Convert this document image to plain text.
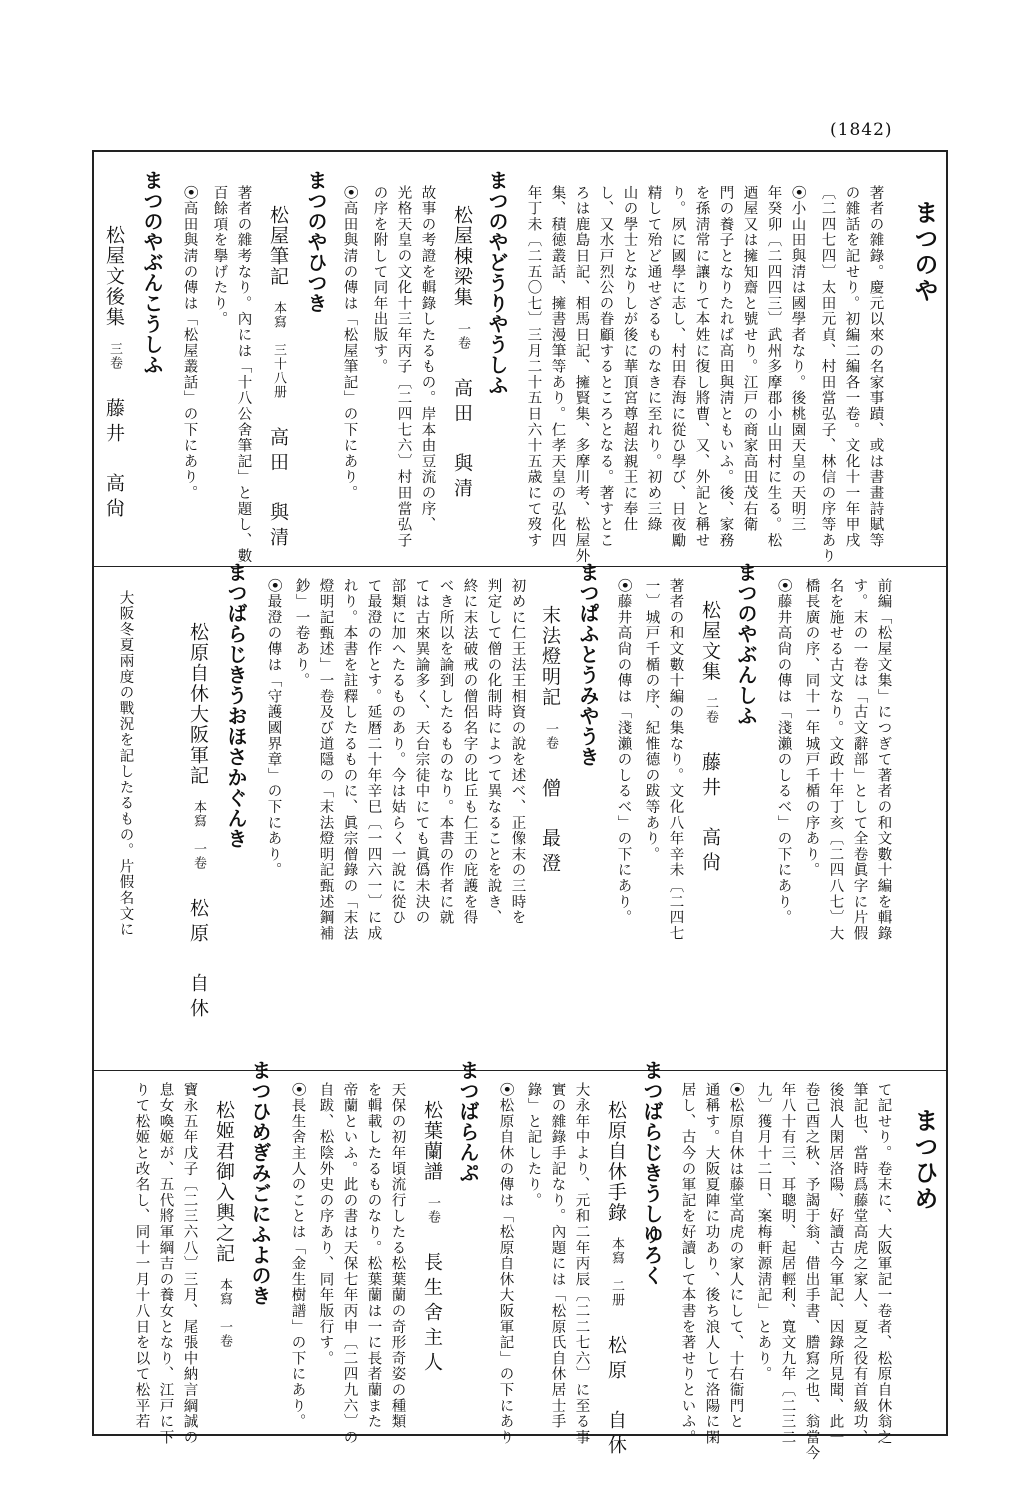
(1842)
まつのや
まつひめ
著者の雜錄。慶元以來の名家事蹟、或は書畫詩賦等
の雜話を記せり。初編二編各一卷。文化十一年甲戌
〔二四七四〕太田元貞、村田當弘子、林信の序等あり
⦿小山田與清は國學者なり。後桃園天皇の天明三
年癸卯〔二四四三〕武州多摩郡小山田村に生る。松
迺屋又は擁知齋と號せり。江戸の商家高田茂右衛
門の養子となりたれば高田與淸ともいふ。後、家務
を孫淸常に讓りて本姓に復し將曹、又、外記と稱せ
り。夙に國學に志し、村田春海に從ひ學び、日夜勵
精して殆ど通せざるものなきに至れり。初め三綠
山の學士となりしが後に華頂宮尊超法親王に奉仕
し、又水戸烈公の眷顧するところとなる。著すとこ
ろは鹿島日記、相馬日記、擁賢集、多摩川考、松屋外
集、積徳叢話、擁書漫筆等あり。仁孝天皇の弘化四
年丁未〔二五〇七〕三月二十五日六十五歳にて歿す
まつのやどうりやうしふ
松屋棟梁集一卷高田　與清
故事の考證を輯錄したるもの。岸本由豆流の序、
光格天皇の文化十三年丙子〔二四七六〕村田當弘子
の序を附して同年出版す。
⦿高田與清の傳は「松屋筆記」の下にあり。
まつのやひつき
松屋筆記本寫　三十八册高田　與清
著者の雜考なり。內には「十八公舍筆記」と題し、數
百餘項を擧げたり。
⦿高田與淸の傳は「松屋叢話」の下にあり。
まつのやぶんこうしふ
松屋文後集三卷藤井　高尙
前編「松屋文集」につぎて著者の和文數十編を輯錄
す。末の一卷は「古文辭部」として全卷眞字に片假
名を施せる古文なり。文政十年丁亥〔二四八七〕大
橋長廣の序、同十一年城戸千楯の序あり。
⦿藤井高尙の傳は「淺瀨のしるべ」の下にあり。
まつのやぶんしふ
松屋文集二卷藤井　高尙
著者の和文數十編の集なり。文化八年辛未〔二四七
一〕城戸千楯の序、紀惟德の跋等あり。
⦿藤井高尙の傳は「淺瀨のしるべ」の下にあり。
まつぱふとうみやうき
末法燈明記一卷僧　最澄
初めに仁王法王相資の說を述べ、正像末の三時を
判定して僧の化制時によつて異なることを說き、
終に末法破戒の僧侶名字の比丘も仁王の庇護を得
べき所以を論到したるものなり。本書の作者に就
ては古來異論多く、天台宗徒中にても眞僞未決の
部類に加へたるものあり。今は姑らく一說に從ひ
て最澄の作とす。延暦二十年辛巳〔一四六一〕に成
れり。本書を註釋したるものに、眞宗僧錄の「末法
燈明記甄述」一卷及び道隱の「末法燈明記甄述鋼補
鈔」一卷あり。
⦿最澄の傳は「守護國界章」の下にあり。
まつばらじきうおほさかぐんき
松原自休大阪軍記本寫　一卷松原　自休
大阪冬夏兩度の戰況を記したるもの。片假名文に
て記せり。卷末に、大阪軍記一卷者、松原自休翁之
筆記也、當時爲藤堂高虎之家人、夏之役有首級功、
後浪人閑居洛陽、好讀古今軍記、因錄所見聞、此一
卷己酉之秋、予謁于翁、借出手書、謄寫之也、翁當今
年八十有三、耳聰明、起居輕利、寬文九年〔二三二
九〕獲月十二日、案梅軒源淸記」とあり。
⦿松原自休は藤堂高虎の家人にして、十右衞門と
通稱す。大阪夏陣に功あり、後ち浪人して洛陽に閑
居し、古今の軍記を好讀して本書を著せりといふ。
まつばらじきうしゆろく
松原自休手錄本寫　二册松原　自休
大永年中より、元和二年丙辰〔二二七六〕に至る事
實の雜錄手記なり。內題には「松原氏自休居士手
錄」と記したり。
⦿松原自休の傳は「松原自休大阪軍記」の下にあり
まつばらんぷ
松葉蘭譜一卷長生舍主人
天保の初年頃流行したる松葉蘭の奇形奇姿の種類
を輯載したるものなり。松葉蘭は一に長者蘭また
帝蘭といふ。此の書は天保七年丙申〔二四九六〕の
自跋、松陰外史の序あり、同年版行す。
⦿長生舍主人のことは「金生樹譜」の下にあり。
まつひめぎみごにふよのき
松姬君御入輿之記本寫　一卷
寶永五年戊子〔二三六八〕三月、尾張中納言綱誠の
息女喚姬が、五代將軍綱吉の養女となり、江戸に下
りて松姬と改名し、同十一月十八日を以て松平若
